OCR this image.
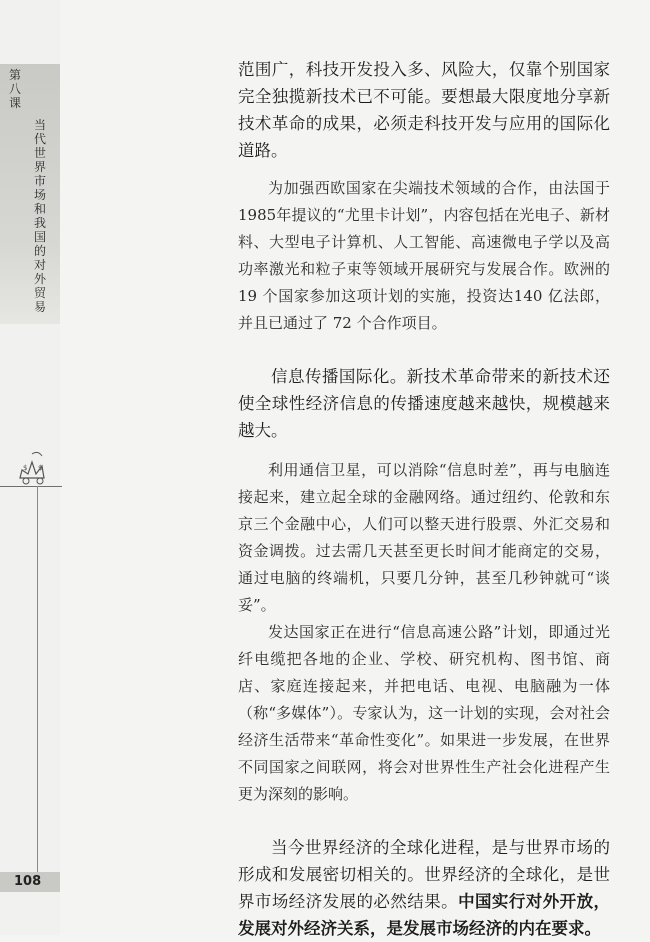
第八课
当代世界市场和我国的对外贸易
$ $
108

范围广，科技开发投入多、风险大，仅靠个别国家完全独揽新技术已不可能。要想最大限度地分享新技术革命的成果，必须走科技开发与应用的国际化道路。

为加强西欧国家在尖端技术领域的合作，由法国于1985年提议的“尤里卡计划”，内容包括在光电子、新材料、大型电子计算机、人工智能、高速微电子学以及高功率激光和粒子束等领域开展研究与发展合作。欧洲的 19 个国家参加这项计划的实施，投资达140 亿法郎，并且已通过了 72 个合作项目。

信息传播国际化。新技术革命带来的新技术还使全球性经济信息的传播速度越来越快，规模越来越大。

利用通信卫星，可以消除“信息时差”，再与电脑连接起来，建立起全球的金融网络。通过纽约、伦敦和东京三个金融中心，人们可以整天进行股票、外汇交易和资金调拨。过去需几天甚至更长时间才能商定的交易，通过电脑的终端机，只要几分钟，甚至几秒钟就可“谈妥”。

发达国家正在进行“信息高速公路”计划，即通过光纤电缆把各地的企业、学校、研究机构、图书馆、商店、家庭连接起来，并把电话、电视、电脑融为一体（称“多媒体”）。专家认为，这一计划的实现，会对社会经济生活带来“革命性变化”。如果进一步发展，在世界不同国家之间联网，将会对世界性生产社会化进程产生更为深刻的影响。

当今世界经济的全球化进程，是与世界市场的形成和发展密切相关的。世界经济的全球化，是世界市场经济发展的必然结果。中国实行对外开放，发展对外经济关系，是发展市场经济的内在要求。
